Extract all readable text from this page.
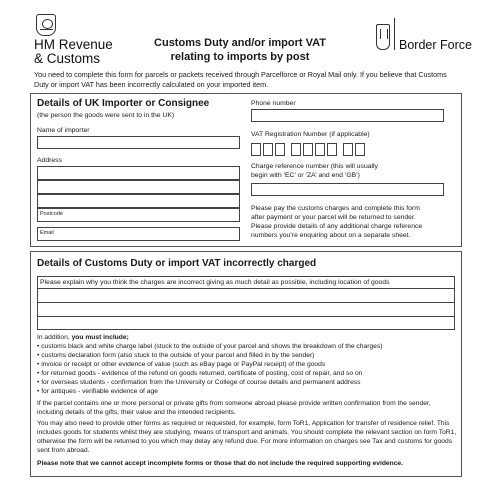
HM Revenue
& Customs
Customs Duty and/or import VAT
relating to imports by post
Border Force
You need to complete this form for parcels or packets received through Parcelforce or Royal Mail only. If you believe that Customs Duty or import VAT has been incorrectly calculated on your imported item.
Details of UK Importer or Consignee
(the person the goods were sent to in the UK)
Name of importer
Address
Postcode
Email
Phone number
VAT Registration Number (if applicable)
Charge reference number (this will usually
begin with ‘EC’ or ‘ZA’ and end ‘GB’)
Please pay the customs charges and complete this form
after payment or your parcel will be returned to sender.
Please provide details of any additional charge reference
numbers you’re enquiring about on a separate sheet.
Details of Customs Duty or import VAT incorrectly charged
Please explain why you think the charges are incorrect giving as much detail as possible, including location of goods
In addition, you must include;
• customs black and white charge label (stuck to the outside of your parcel and shows the breakdown of the charges)
• customs declaration form (also stuck to the outside of your parcel and filled in by the sender)
• invoice or receipt or other evidence of value (such as eBay page or PayPal receipt) of the goods
• for returned goods - evidence of the refund on goods returned, certificate of posting, cost of repair, and so on
• for overseas students - confirmation from the University or College of course details and permanent address
• for antiques - verifiable evidence of age
If the parcel contains one or more personal or private gifts from someone abroad please provide written confirmation from the sender, including details of the gifts, their value and the intended recipients.
You may also need to provide other forms as required or requested, for example, form ToR1, Application for transfer of residence relief. This includes goods for students whilst they are studying, means of transport and animals. You should complete the relevant section on form ToR1, otherwise the form will be returned to you which may delay any refund due. For more information on charges see Tax and customs for goods sent from abroad.
Please note that we cannot accept incomplete forms or those that do not include the required supporting evidence.
